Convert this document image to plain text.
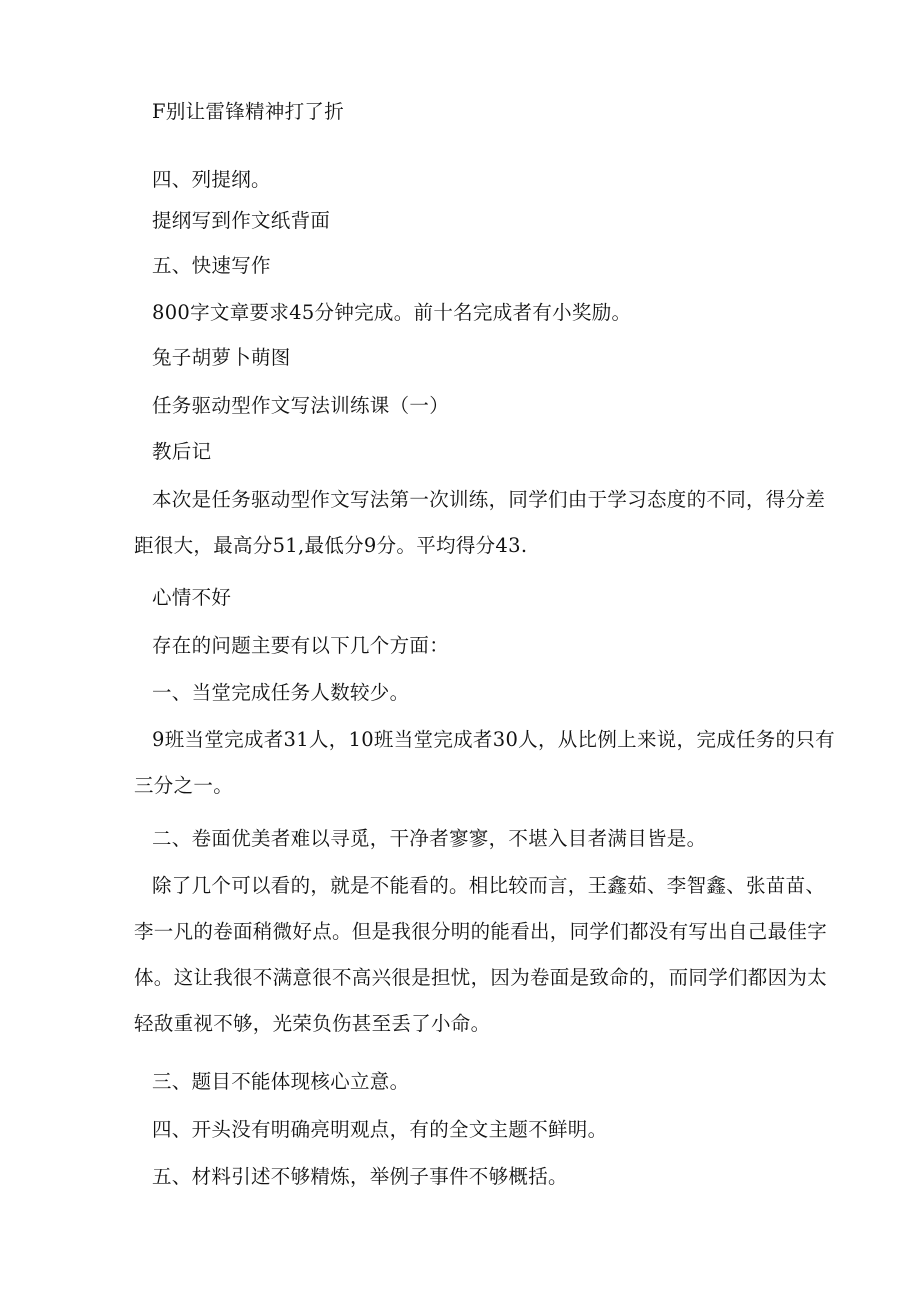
F别让雷锋精神打了折

四、列提纲。

提纲写到作文纸背面

五、快速写作

800字文章要求45分钟完成。前十名完成者有小奖励。

兔子胡萝卜萌图

任务驱动型作文写法训练课（一）

教后记

本次是任务驱动型作文写法第一次训练，同学们由于学习态度的不同，得分差
距很大，最高分51,最低分9分。平均得分43.

心情不好

存在的问题主要有以下几个方面：

一、当堂完成任务人数较少。

9班当堂完成者31人，10班当堂完成者30人，从比例上来说，完成任务的只有
三分之一。

二、卷面优美者难以寻觅，干净者寥寥，不堪入目者满目皆是。

除了几个可以看的，就是不能看的。相比较而言，王鑫茹、李智鑫、张苗苗、
李一凡的卷面稍微好点。但是我很分明的能看出，同学们都没有写出自己最佳字
体。这让我很不满意很不高兴很是担忧，因为卷面是致命的，而同学们都因为太
轻敌重视不够，光荣负伤甚至丢了小命。

三、题目不能体现核心立意。

四、开头没有明确亮明观点，有的全文主题不鲜明。

五、材料引述不够精炼，举例子事件不够概括。
